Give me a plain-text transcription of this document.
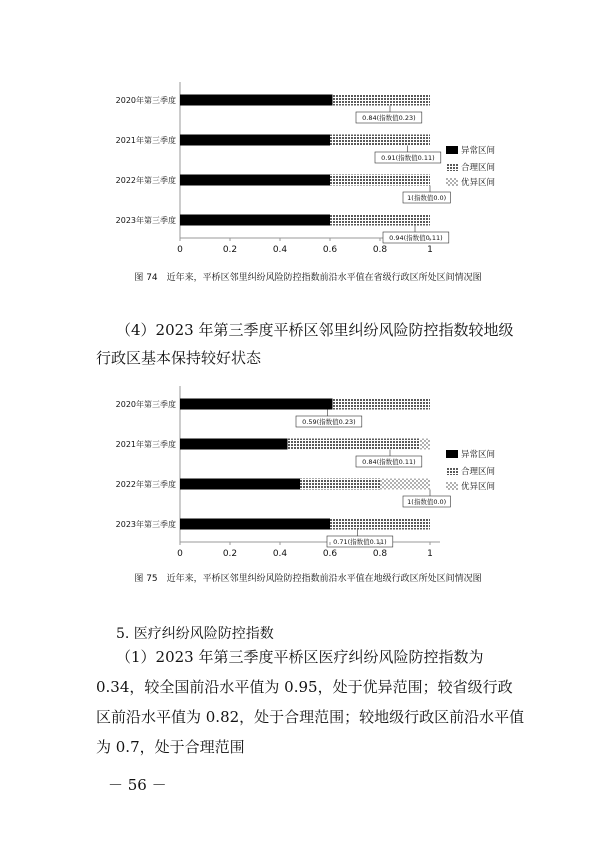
2020年第三季度
0.84(指数值0.23)
2021年第三季度
0.91(指数值0.11)
2022年第三季度
1(指数值0.0)
2023年第三季度
0.94(指数值0.11)
0	0.2	0.4	0.6	0.8	1
异常区间
合理区间
优异区间
图 74　近年来，平桥区邻里纠纷风险防控指数前沿水平值在省级行政区所处区间情况图
（4）2023 年第三季度平桥区邻里纠纷风险防控指数较地级行政区基本保持较好状态
2020年第三季度
0.59(指数值0.23)
2021年第三季度
0.84(指数值0.11)
2022年第三季度
1(指数值0.0)
2023年第三季度
0.71(指数值0.11)
0	0.2	0.4	0.6	0.8	1
异常区间
合理区间
优异区间
图 75　近年来，平桥区邻里纠纷风险防控指数前沿水平值在地级行政区所处区间情况图
5. 医疗纠纷风险防控指数
（1）2023 年第三季度平桥区医疗纠纷风险防控指数为 0.34，较全国前沿水平值为 0.95，处于优异范围；较省级行政区前沿水平值为 0.82，处于合理范围；较地级行政区前沿水平值为 0.7，处于合理范围
－ 56 －
